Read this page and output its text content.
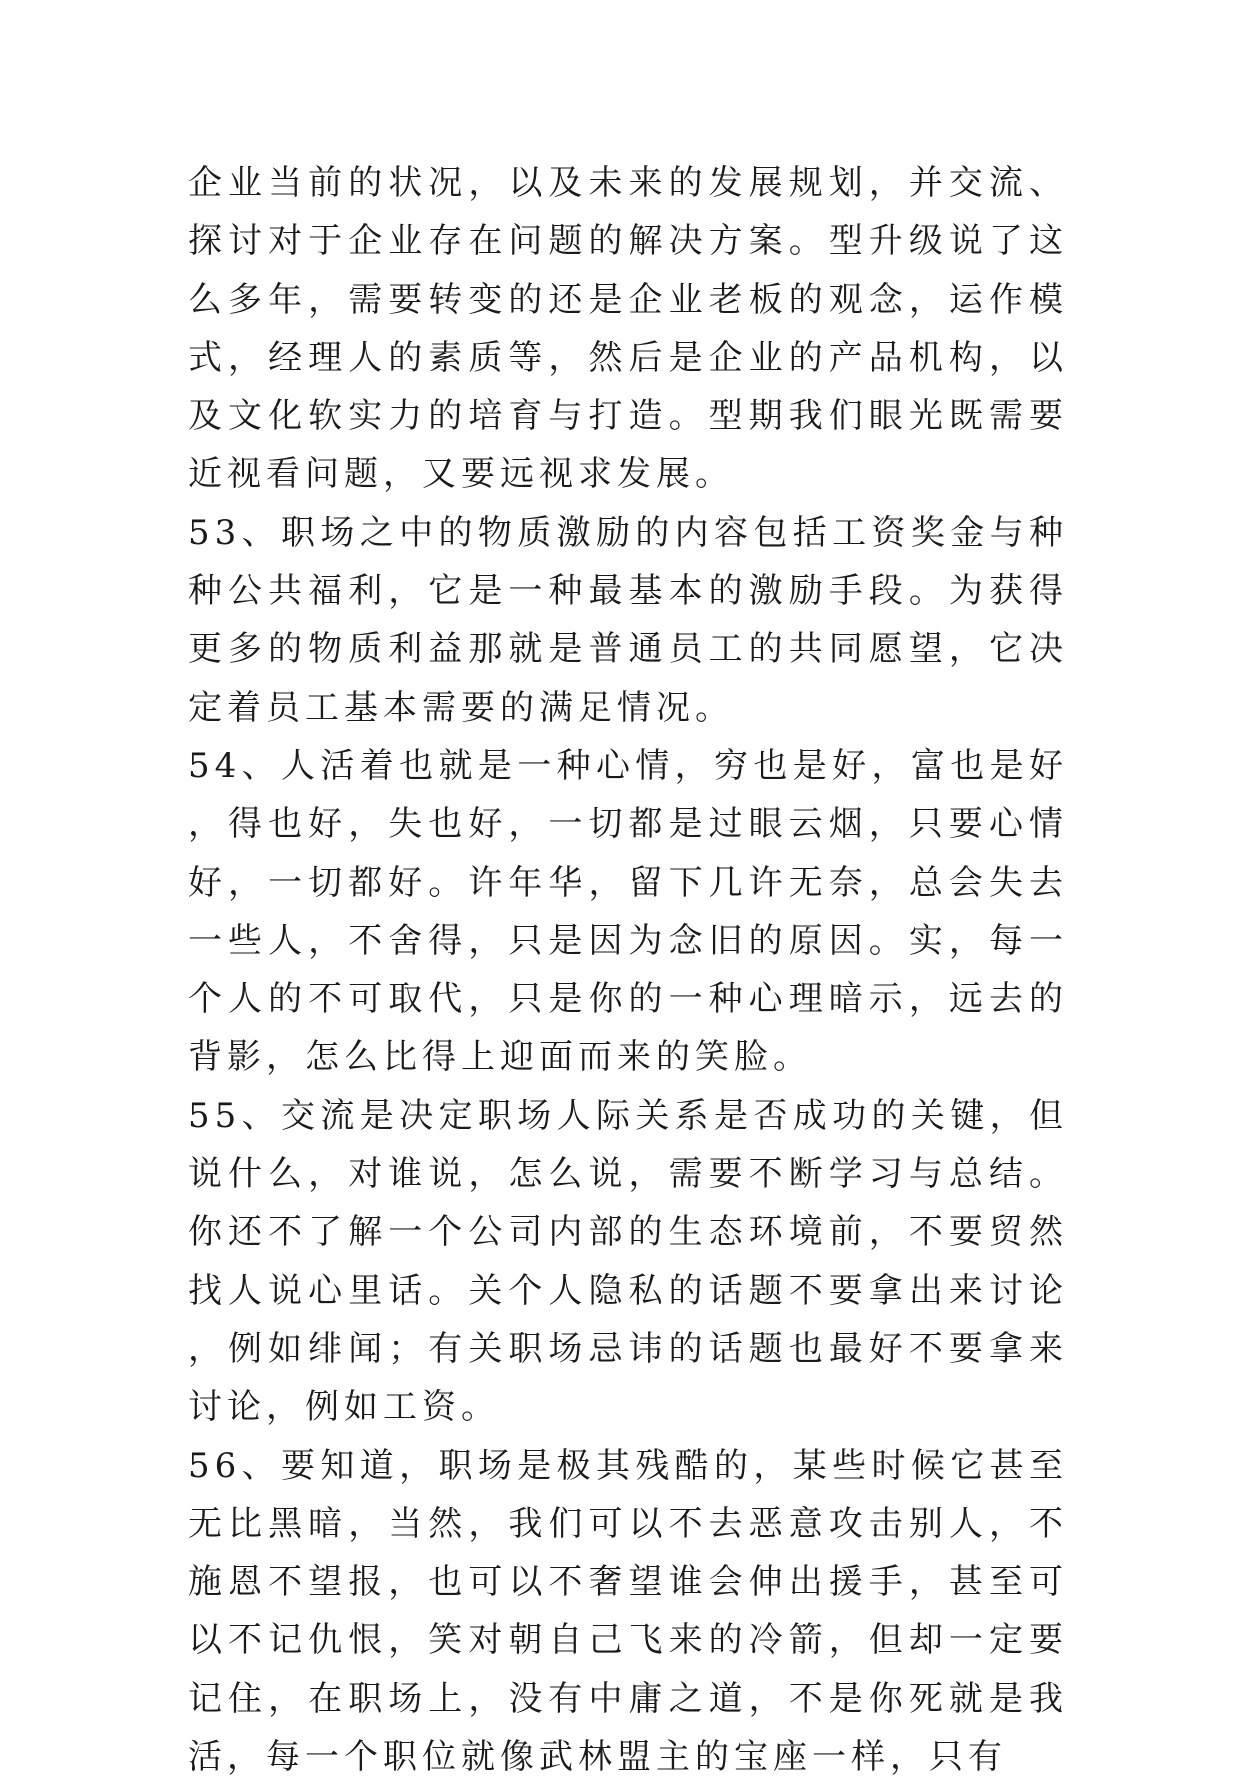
企业当前的状况，以及未来的发展规划，并交流、探讨对于企业存在问题的解决方案。型升级说了这么多年，需要转变的还是企业老板的观念，运作模式，经理人的素质等，然后是企业的产品机构，以及文化软实力的培育与打造。型期我们眼光既需要近视看问题，又要远视求发展。

53、职场之中的物质激励的内容包括工资奖金与种种公共福利，它是一种最基本的激励手段。为获得更多的物质利益那就是普通员工的共同愿望，它决定着员工基本需要的满足情况。

54、人活着也就是一种心情，穷也是好，富也是好，得也好，失也好，一切都是过眼云烟，只要心情好，一切都好。许年华，留下几许无奈，总会失去一些人，不舍得，只是因为念旧的原因。实，每一个人的不可取代，只是你的一种心理暗示，远去的背影，怎么比得上迎面而来的笑脸。

55、交流是决定职场人际关系是否成功的关键，但说什么，对谁说，怎么说，需要不断学习与总结。你还不了解一个公司内部的生态环境前，不要贸然找人说心里话。关个人隐私的话题不要拿出来讨论，例如绯闻；有关职场忌讳的话题也最好不要拿来讨论，例如工资。

56、要知道，职场是极其残酷的，某些时候它甚至无比黑暗，当然，我们可以不去恶意攻击别人，不施恩不望报，也可以不奢望谁会伸出援手，甚至可以不记仇恨，笑对朝自己飞来的冷箭，但却一定要记住，在职场上，没有中庸之道，不是你死就是我活，每一个职位就像武林盟主的宝座一样，只有
